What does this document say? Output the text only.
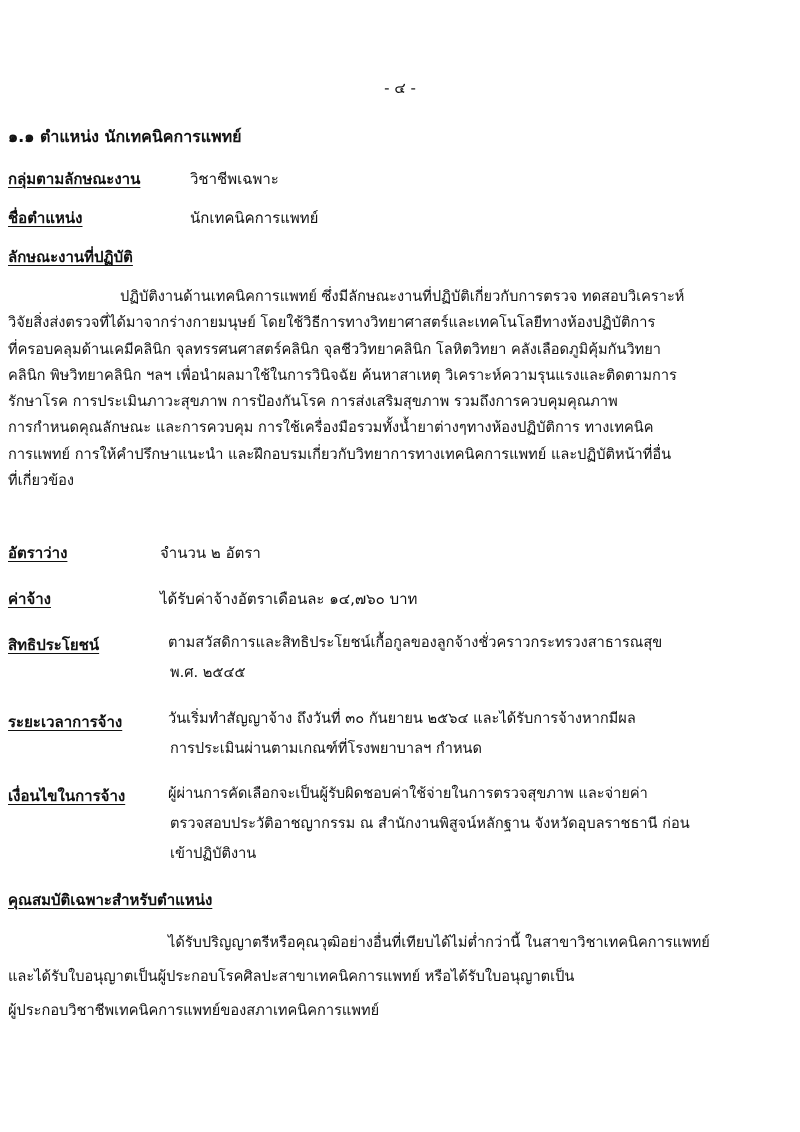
- ๔ -
๑.๑ ตำแหน่ง นักเทคนิคการแพทย์
กลุ่มตามลักษณะงาน	วิชาชีพเฉพาะ
ชื่อตำแหน่ง	นักเทคนิคการแพทย์
ลักษณะงานที่ปฏิบัติ
ปฏิบัติงานด้านเทคนิคการแพทย์ ซึ่งมีลักษณะงานที่ปฏิบัติเกี่ยวกับการตรวจ ทดสอบวิเคราะห์
วิจัยสิ่งส่งตรวจที่ได้มาจากร่างกายมนุษย์ โดยใช้วิธีการทางวิทยาศาสตร์และเทคโนโลยีทางห้องปฏิบัติการ
ที่ครอบคลุมด้านเคมีคลินิก จุลทรรศนศาสตร์คลินิก จุลชีววิทยาคลินิก โลหิตวิทยา คลังเลือดภูมิคุ้มกันวิทยา
คลินิก พิษวิทยาคลินิก ฯลฯ เพื่อนำผลมาใช้ในการวินิจฉัย ค้นหาสาเหตุ วิเคราะห์ความรุนแรงและติดตามการ
รักษาโรค การประเมินภาวะสุขภาพ การป้องกันโรค การส่งเสริมสุขภาพ รวมถึงการควบคุมคุณภาพ
การกำหนดคุณลักษณะ และการควบคุม การใช้เครื่องมือรวมทั้งน้ำยาต่างๆทางห้องปฏิบัติการ ทางเทคนิค
การแพทย์ การให้คำปรึกษาแนะนำ และฝึกอบรมเกี่ยวกับวิทยาการทางเทคนิคการแพทย์ และปฏิบัติหน้าที่อื่น
ที่เกี่ยวข้อง
อัตราว่าง	จำนวน ๒ อัตรา
ค่าจ้าง	ได้รับค่าจ้างอัตราเดือนละ ๑๔,๗๖๐ บาท
สิทธิประโยชน์	ตามสวัสดิการและสิทธิประโยชน์เกื้อกูลของลูกจ้างชั่วคราวกระทรวงสาธารณสุข
พ.ศ. ๒๕๔๕
ระยะเวลาการจ้าง	วันเริ่มทำสัญญาจ้าง ถึงวันที่ ๓๐ กันยายน ๒๕๖๔ และได้รับการจ้างหากมีผล
การประเมินผ่านตามเกณฑ์ที่โรงพยาบาลฯ กำหนด
เงื่อนไขในการจ้าง	ผู้ผ่านการคัดเลือกจะเป็นผู้รับผิดชอบค่าใช้จ่ายในการตรวจสุขภาพ และจ่ายค่า
ตรวจสอบประวัติอาชญากรรม ณ สำนักงานพิสูจน์หลักฐาน จังหวัดอุบลราชธานี ก่อน
เข้าปฏิบัติงาน
คุณสมบัติเฉพาะสำหรับตำแหน่ง
ได้รับปริญญาตรีหรือคุณวุฒิอย่างอื่นที่เทียบได้ไม่ต่ำกว่านี้ ในสาขาวิชาเทคนิคการแพทย์
และได้รับใบอนุญาตเป็นผู้ประกอบโรคศิลปะสาขาเทคนิคการแพทย์ หรือได้รับใบอนุญาตเป็น
ผู้ประกอบวิชาชีพเทคนิคการแพทย์ของสภาเทคนิคการแพทย์
